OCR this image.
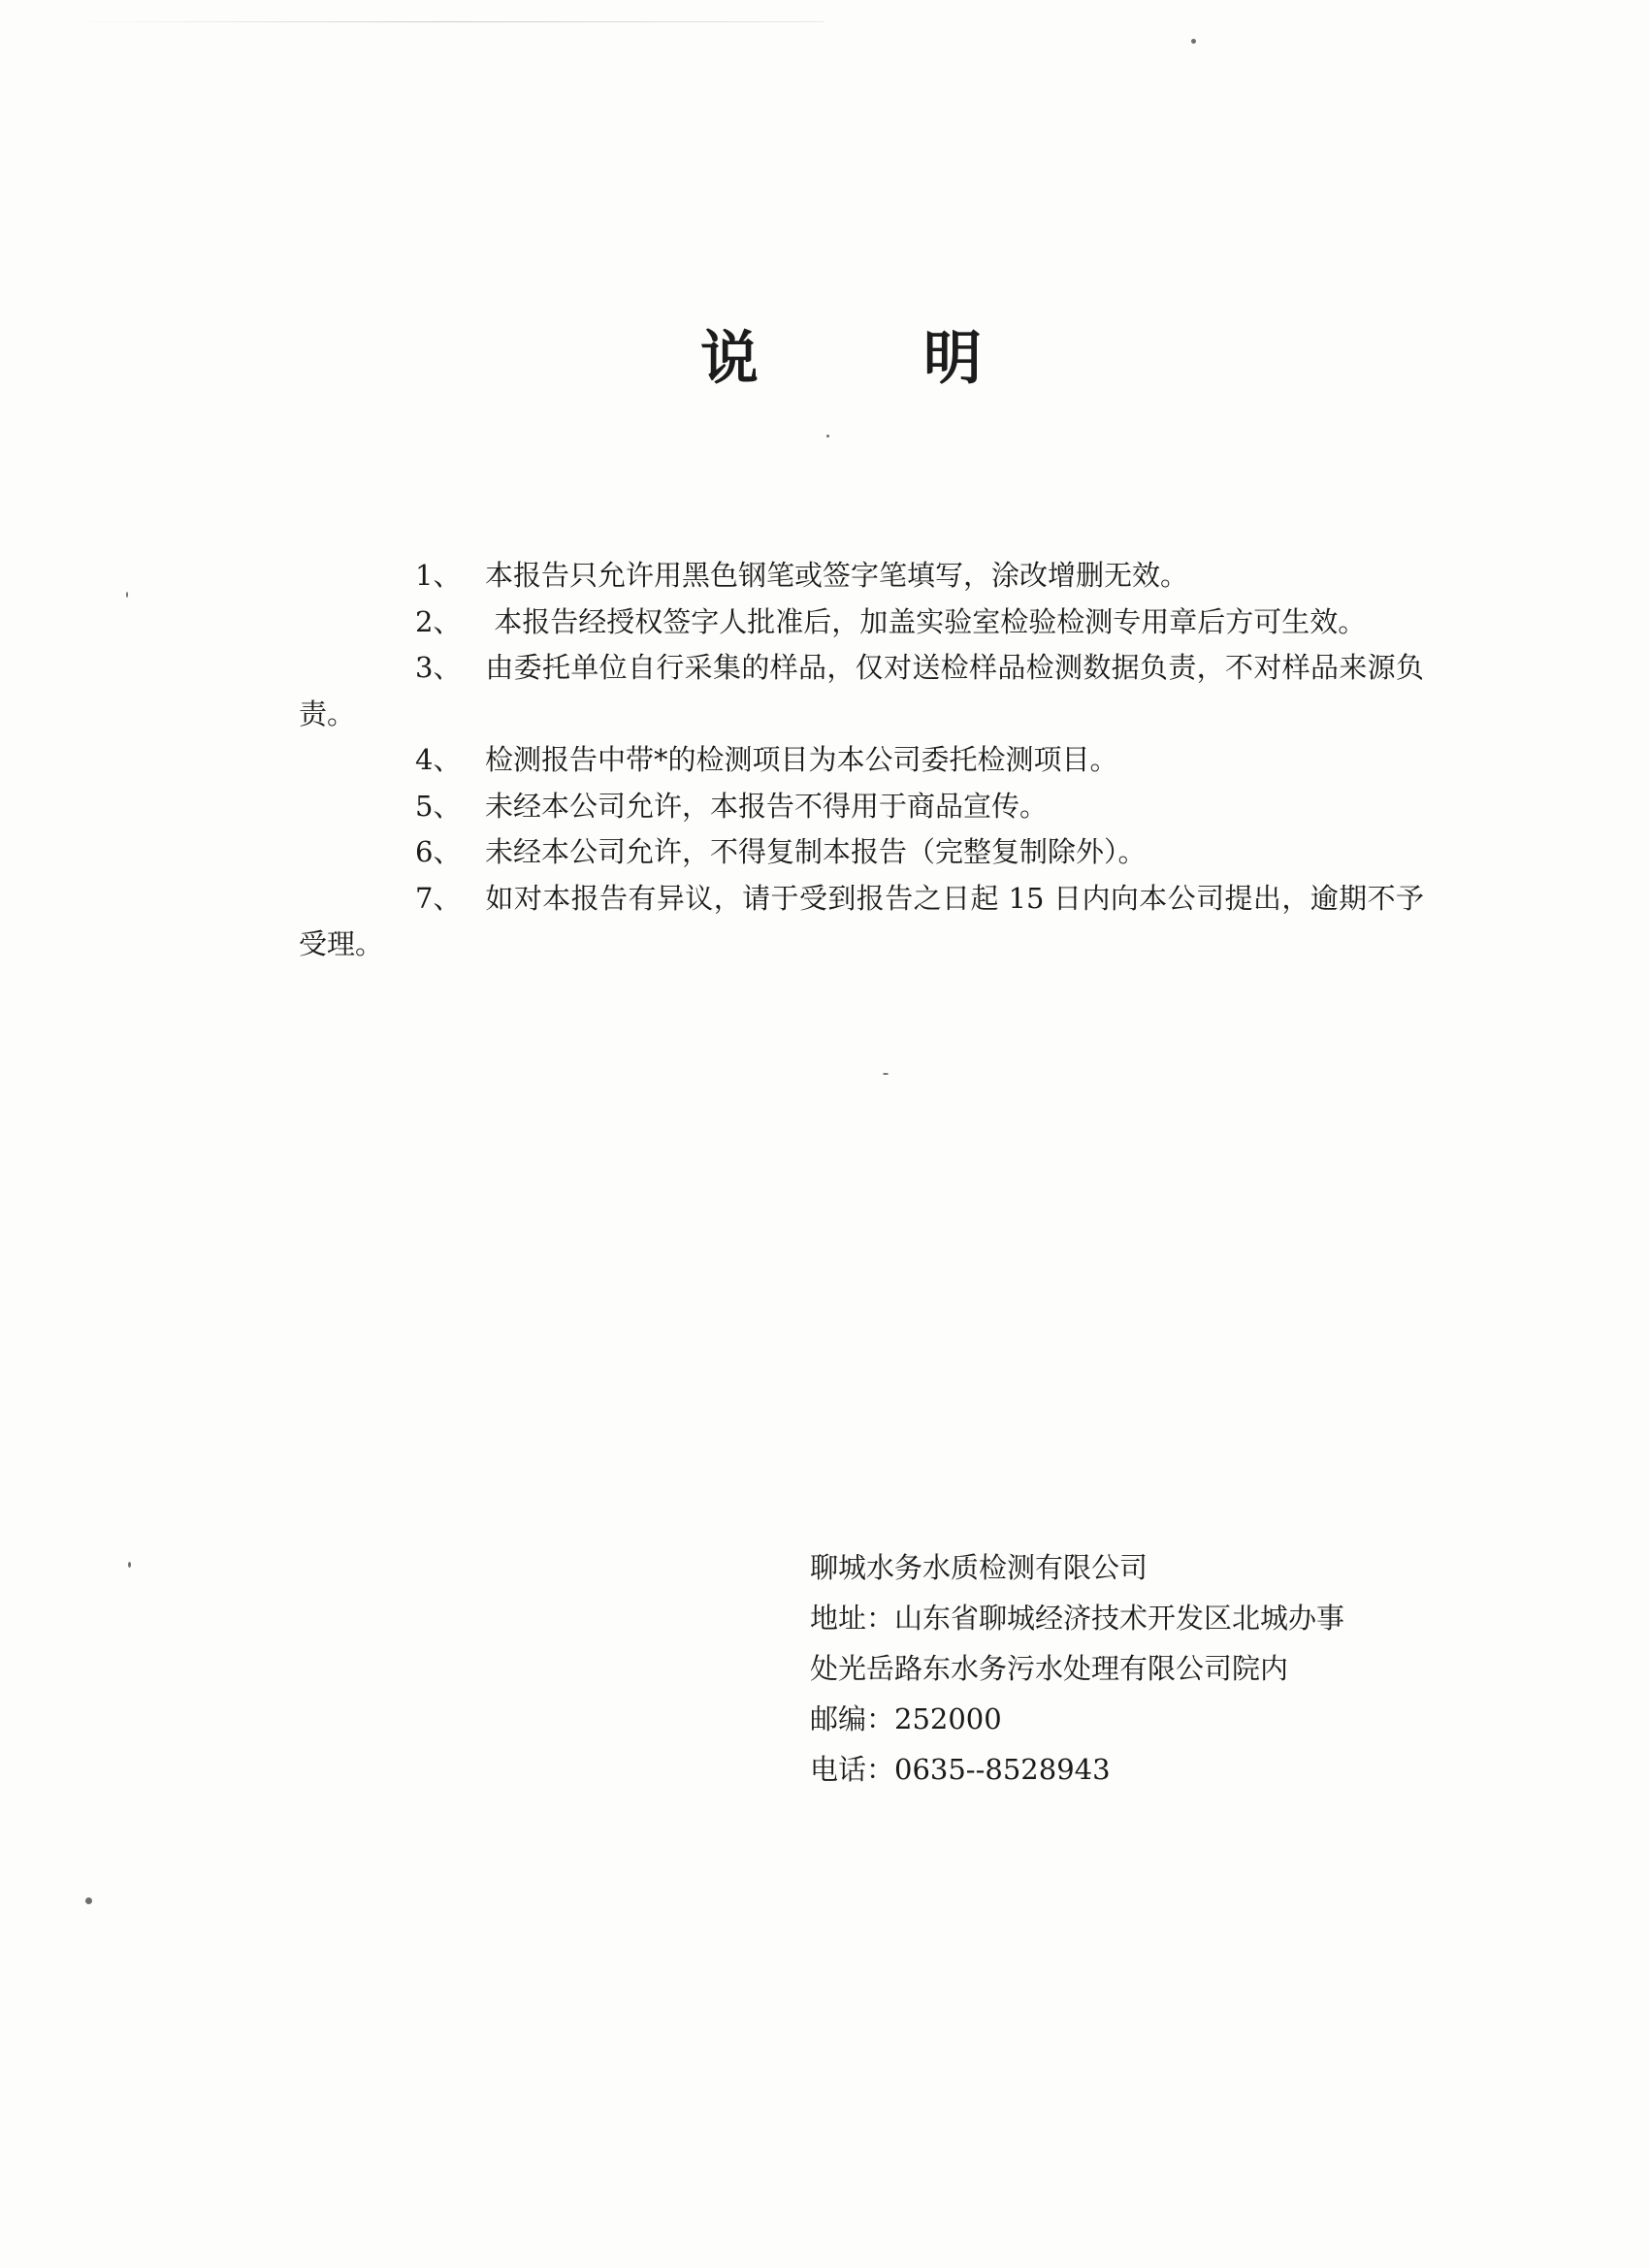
说	明

1、 本报告只允许用黑色钢笔或签字笔填写，涂改增删无效。

2、 本报告经授权签字人批准后，加盖实验室检验检测专用章后方可生效。

3、 由委托单位自行采集的样品，仅对送检样品检测数据负责，不对样品来源负责。

4、 检测报告中带*的检测项目为本公司委托检测项目。

5、 未经本公司允许，本报告不得用于商品宣传。

6、 未经本公司允许，不得复制本报告（完整复制除外）。

7、 如对本报告有异议，请于受到报告之日起 15 日内向本公司提出，逾期不予受理。

聊城水务水质检测有限公司

地址：山东省聊城经济技术开发区北城办事

处光岳路东水务污水处理有限公司院内

邮编：252000

电话：0635--8528943
